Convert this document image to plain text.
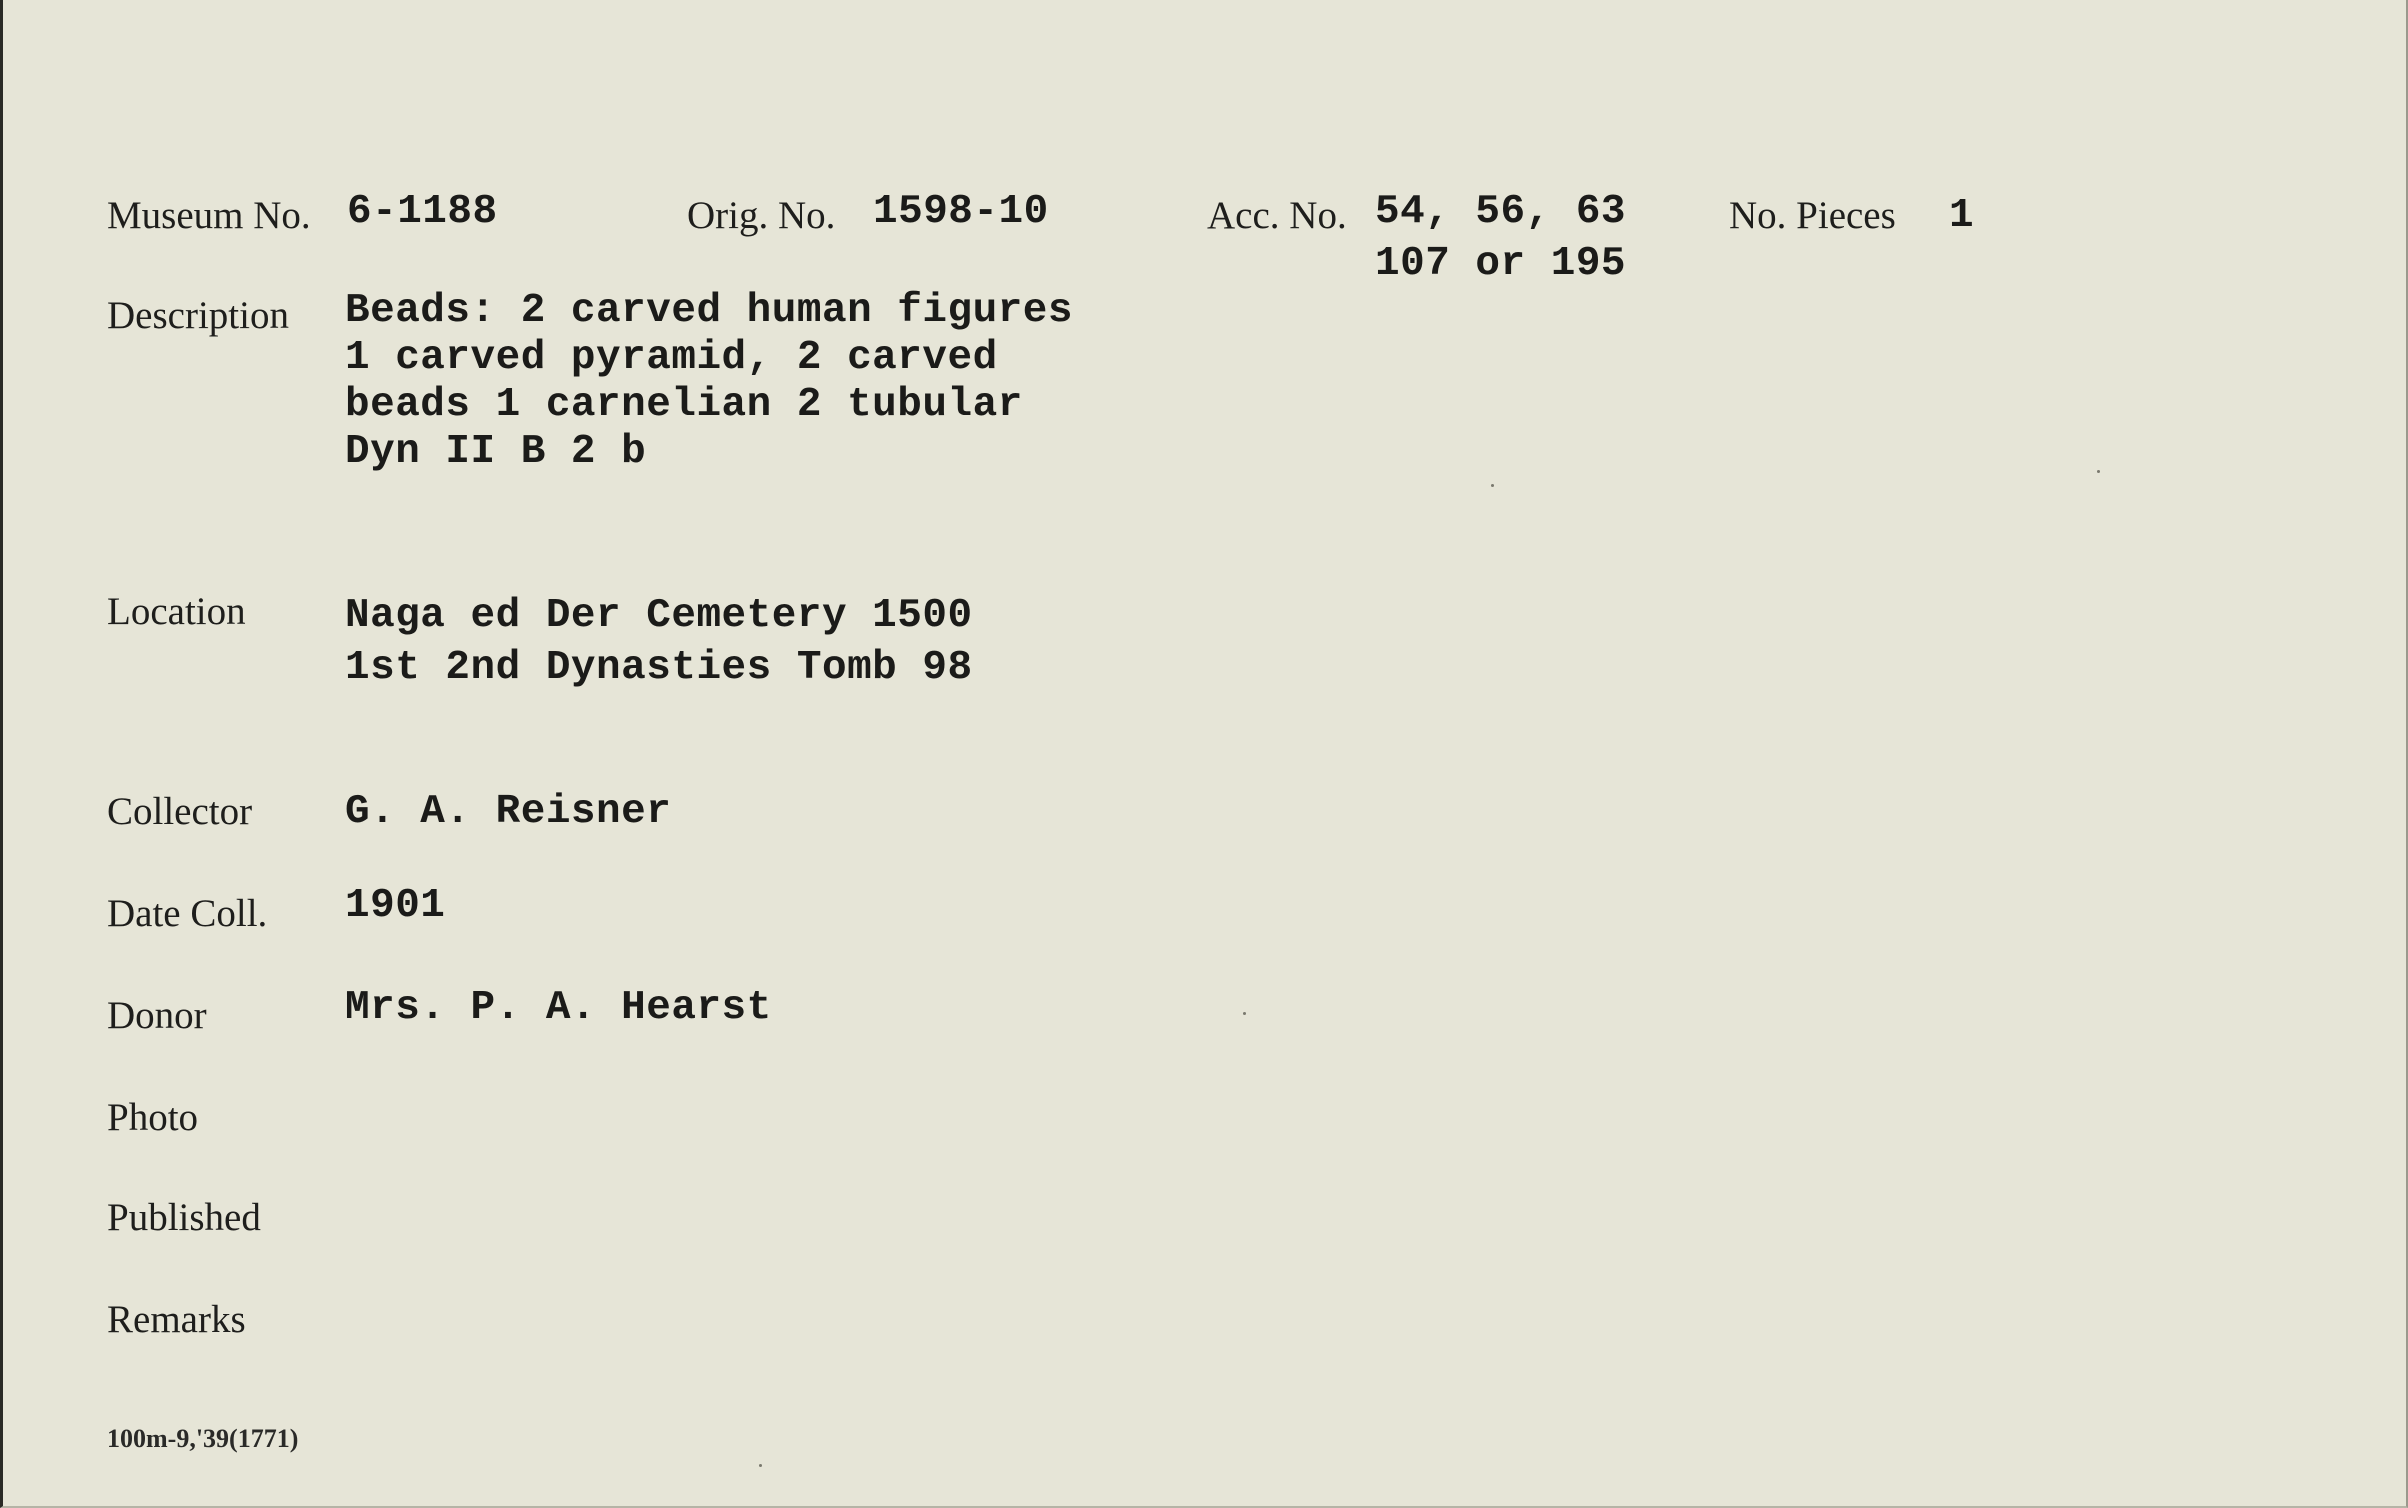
Museum No. 6-1188	Orig. No. 1598-10	Acc. No. 54, 56, 63
107 or 195
No. Pieces 1
Description Beads: 2 carved human figures
1 carved pyramid, 2 carved
beads 1 carnelian 2 tubular
Dyn II B 2 b
Location Naga ed Der Cemetery 1500
1st 2nd Dynasties Tomb 98
Collector G. A. Reisner
Date Coll. 1901
Donor	Mrs. P. A. Hearst
Photo
Published
Remarks
100m-9,'39(1771)
